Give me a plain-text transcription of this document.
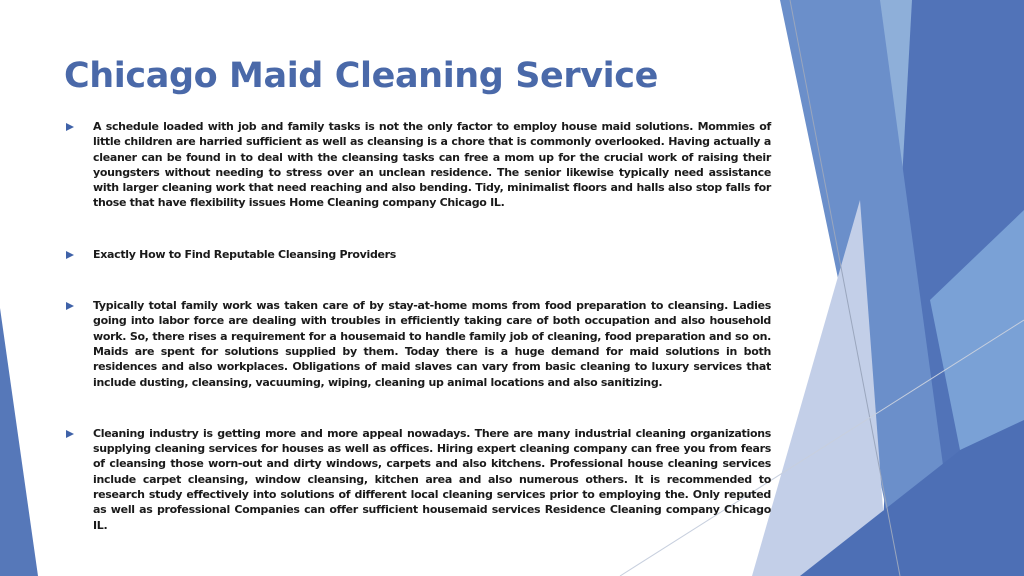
Chicago Maid Cleaning Service
A schedule loaded with job and family tasks is not the only factor to employ house maid solutions. Mommies of little children are harried sufficient as well as cleansing is a chore that is commonly overlooked. Having actually a cleaner can be found in to deal with the cleansing tasks can free a mom up for the crucial work of raising their youngsters without needing to stress over an unclean residence. The senior likewise typically need assistance with larger cleaning work that need reaching and also bending. Tidy, minimalist floors and halls also stop falls for those that have flexibility issues Home Cleaning company Chicago IL.
Exactly How to Find Reputable Cleansing Providers
Typically total family work was taken care of by stay-at-home moms from food preparation to cleansing. Ladies going into labor force are dealing with troubles in efficiently taking care of both occupation and also household work. So, there rises a requirement for a housemaid to handle family job of cleaning, food preparation and so on. Maids are spent for solutions supplied by them. Today there is a huge demand for maid solutions in both residences and also workplaces. Obligations of maid slaves can vary from basic cleaning to luxury services that include dusting, cleansing, vacuuming, wiping, cleaning up animal locations and also sanitizing.
Cleaning industry is getting more and more appeal nowadays. There are many industrial cleaning organizations supplying cleaning services for houses as well as offices. Hiring expert cleaning company can free you from fears of cleansing those worn-out and dirty windows, carpets and also kitchens. Professional house cleaning services include carpet cleansing, window cleansing, kitchen area and also numerous others. It is recommended to research study effectively into solutions of different local cleaning services prior to employing the. Only reputed as well as professional Companies can offer sufficient housemaid services Residence Cleaning company Chicago IL.
